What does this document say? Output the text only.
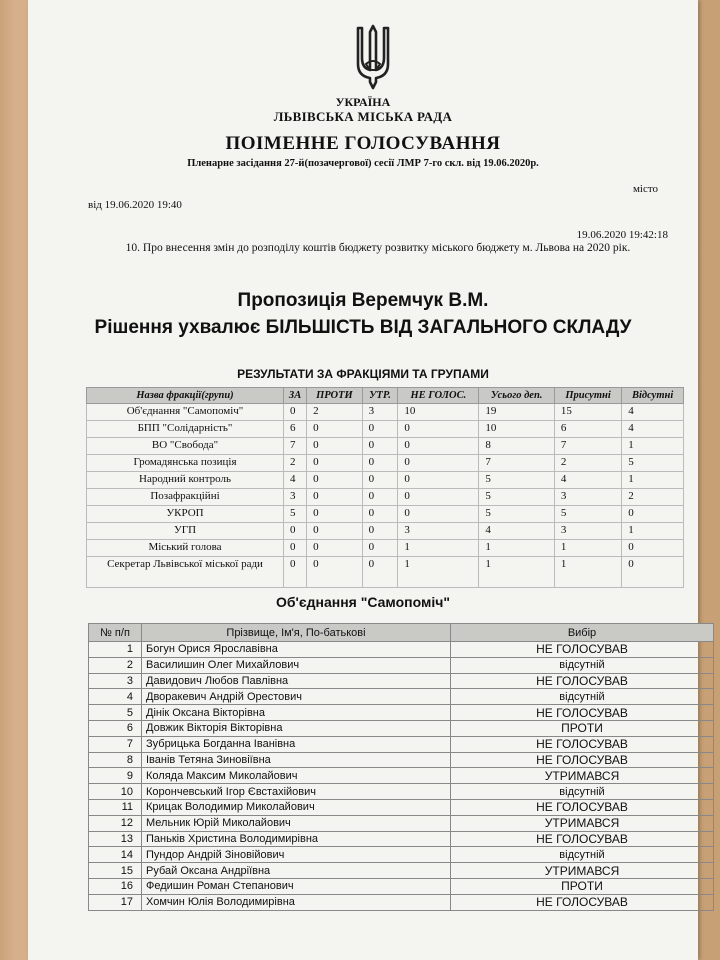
УКРАЇНА
ЛЬВІВСЬКА МІСЬКА РАДА
ПОІМЕННЕ ГОЛОСУВАННЯ
Пленарне засідання 27-й(позачергової) сесії ЛМР 7-го скл. від 19.06.2020р.
місто
від 19.06.2020 19:40
19.06.2020 19:42:18
10. Про внесення змін до розподілу коштів бюджету розвитку міського бюджету м. Львова на 2020 рік.
Пропозиція Веремчук В.М.
Рішення ухвалює БІЛЬШІСТЬ ВІД ЗАГАЛЬНОГО СКЛАДУ
РЕЗУЛЬТАТИ ЗА ФРАКЦІЯМИ ТА ГРУПАМИ
Назва фракції(групи)	ЗА	ПРОТИ	УТР.	НЕ ГОЛОС.	Усього деп.	Присутні	Відсутні
Об'єднання "Самопоміч"	0	2	3	10	19	15	4
БПП "Солідарність"	6	0	0	0	10	6	4
ВО "Свобода"	7	0	0	0	8	7	1
Громадянська позиція	2	0	0	0	7	2	5
Народний контроль	4	0	0	0	5	4	1
Позафракційні	3	0	0	0	5	3	2
УКРОП	5	0	0	0	5	5	0
УГП	0	0	0	3	4	3	1
Міський голова	0	0	0	1	1	1	0
Секретар Львівської міської ради	0	0	0	1	1	1	0
Об'єднання "Самопоміч"
№ п/п	Прізвище, Ім'я, По-батькові	Вибір
1	Богун Орися Ярославівна	НЕ ГОЛОСУВАВ
2	Василишин Олег Михайлович	відсутній
3	Давидович Любов Павлівна	НЕ ГОЛОСУВАВ
4	Дворакевич Андрій Орестович	відсутній
5	Дінік Оксана Вікторівна	НЕ ГОЛОСУВАВ
6	Довжик Вікторія Вікторівна	ПРОТИ
7	Зубрицька Богданна Іванівна	НЕ ГОЛОСУВАВ
8	Іванів Тетяна Зиновіївна	НЕ ГОЛОСУВАВ
9	Коляда Максим Миколайович	УТРИМАВСЯ
10	Корончевський Ігор Євстахійович	відсутній
11	Крицак Володимир Миколайович	НЕ ГОЛОСУВАВ
12	Мельник Юрій Миколайович	УТРИМАВСЯ
13	Паньків Христина Володимирівна	НЕ ГОЛОСУВАВ
14	Пундор Андрій Зіновійович	відсутній
15	Рубай Оксана Андріївна	УТРИМАВСЯ
16	Федишин Роман Степанович	ПРОТИ
17	Хомчин Юлія Володимирівна	НЕ ГОЛОСУВАВ
